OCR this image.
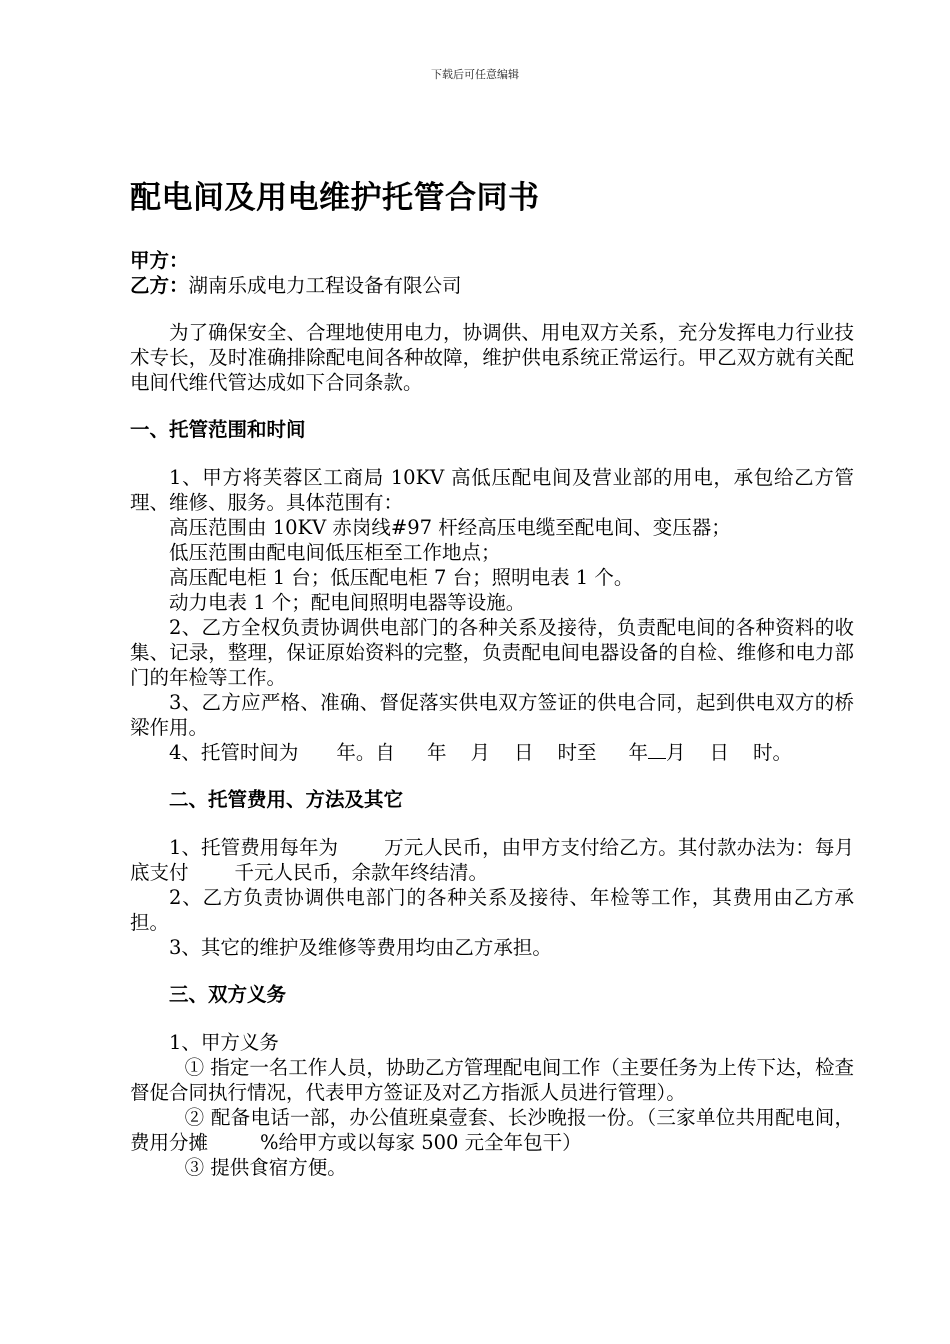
下载后可任意编辑
配电间及用电维护托管合同书

甲方：

乙方：湖南乐成电力工程设备有限公司

为了确保安全、合理地使用电力，协调供、用电双方关系，充分发挥电力行业技术专长，及时准确排除配电间各种故障，维护供电系统正常运行。甲乙双方就有关配电间代维代管达成如下合同条款。

一、托管范围和时间

1、甲方将芙蓉区工商局 10KV 高低压配电间及营业部的用电，承包给乙方管理、维修、服务。具体范围有：

高压范围由 10KV 赤岗线#97 杆经高压电缆至配电间、变压器；

低压范围由配电间低压柜至工作地点；

高压配电柜 1 台；低压配电柜 7 台；照明电表 1 个。

动力电表 1 个；配电间照明电器等设施。

2、乙方全权负责协调供电部门的各种关系及接待，负责配电间的各种资料的收集、记录，整理，保证原始资料的完整，负责配电间电器设备的自检、维修和电力部门的年检等工作。

3、乙方应严格、准确、督促落实供电双方签证的供电合同，起到供电双方的桥梁作用。

4、托管时间为 年。自 年 月 日 时至 年 月 日 时。

二、托管费用、方法及其它

1、托管费用每年为 万元人民币，由甲方支付给乙方。其付款办法为：每月底支付 千元人民币，余款年终结清。

2、乙方负责协调供电部门的各种关系及接待、年检等工作，其费用由乙方承担。

3、其它的维护及维修等费用均由乙方承担。

三、双方义务

1、甲方义务

① 指定一名工作人员，协助乙方管理配电间工作（主要任务为上传下达，检查督促合同执行情况，代表甲方签证及对乙方指派人员进行管理）。

② 配备电话一部，办公值班桌壹套、长沙晚报一份。（三家单位共用配电间，费用分摊	%给甲方或以每家 500 元全年包干）

③ 提供食宿方便。
